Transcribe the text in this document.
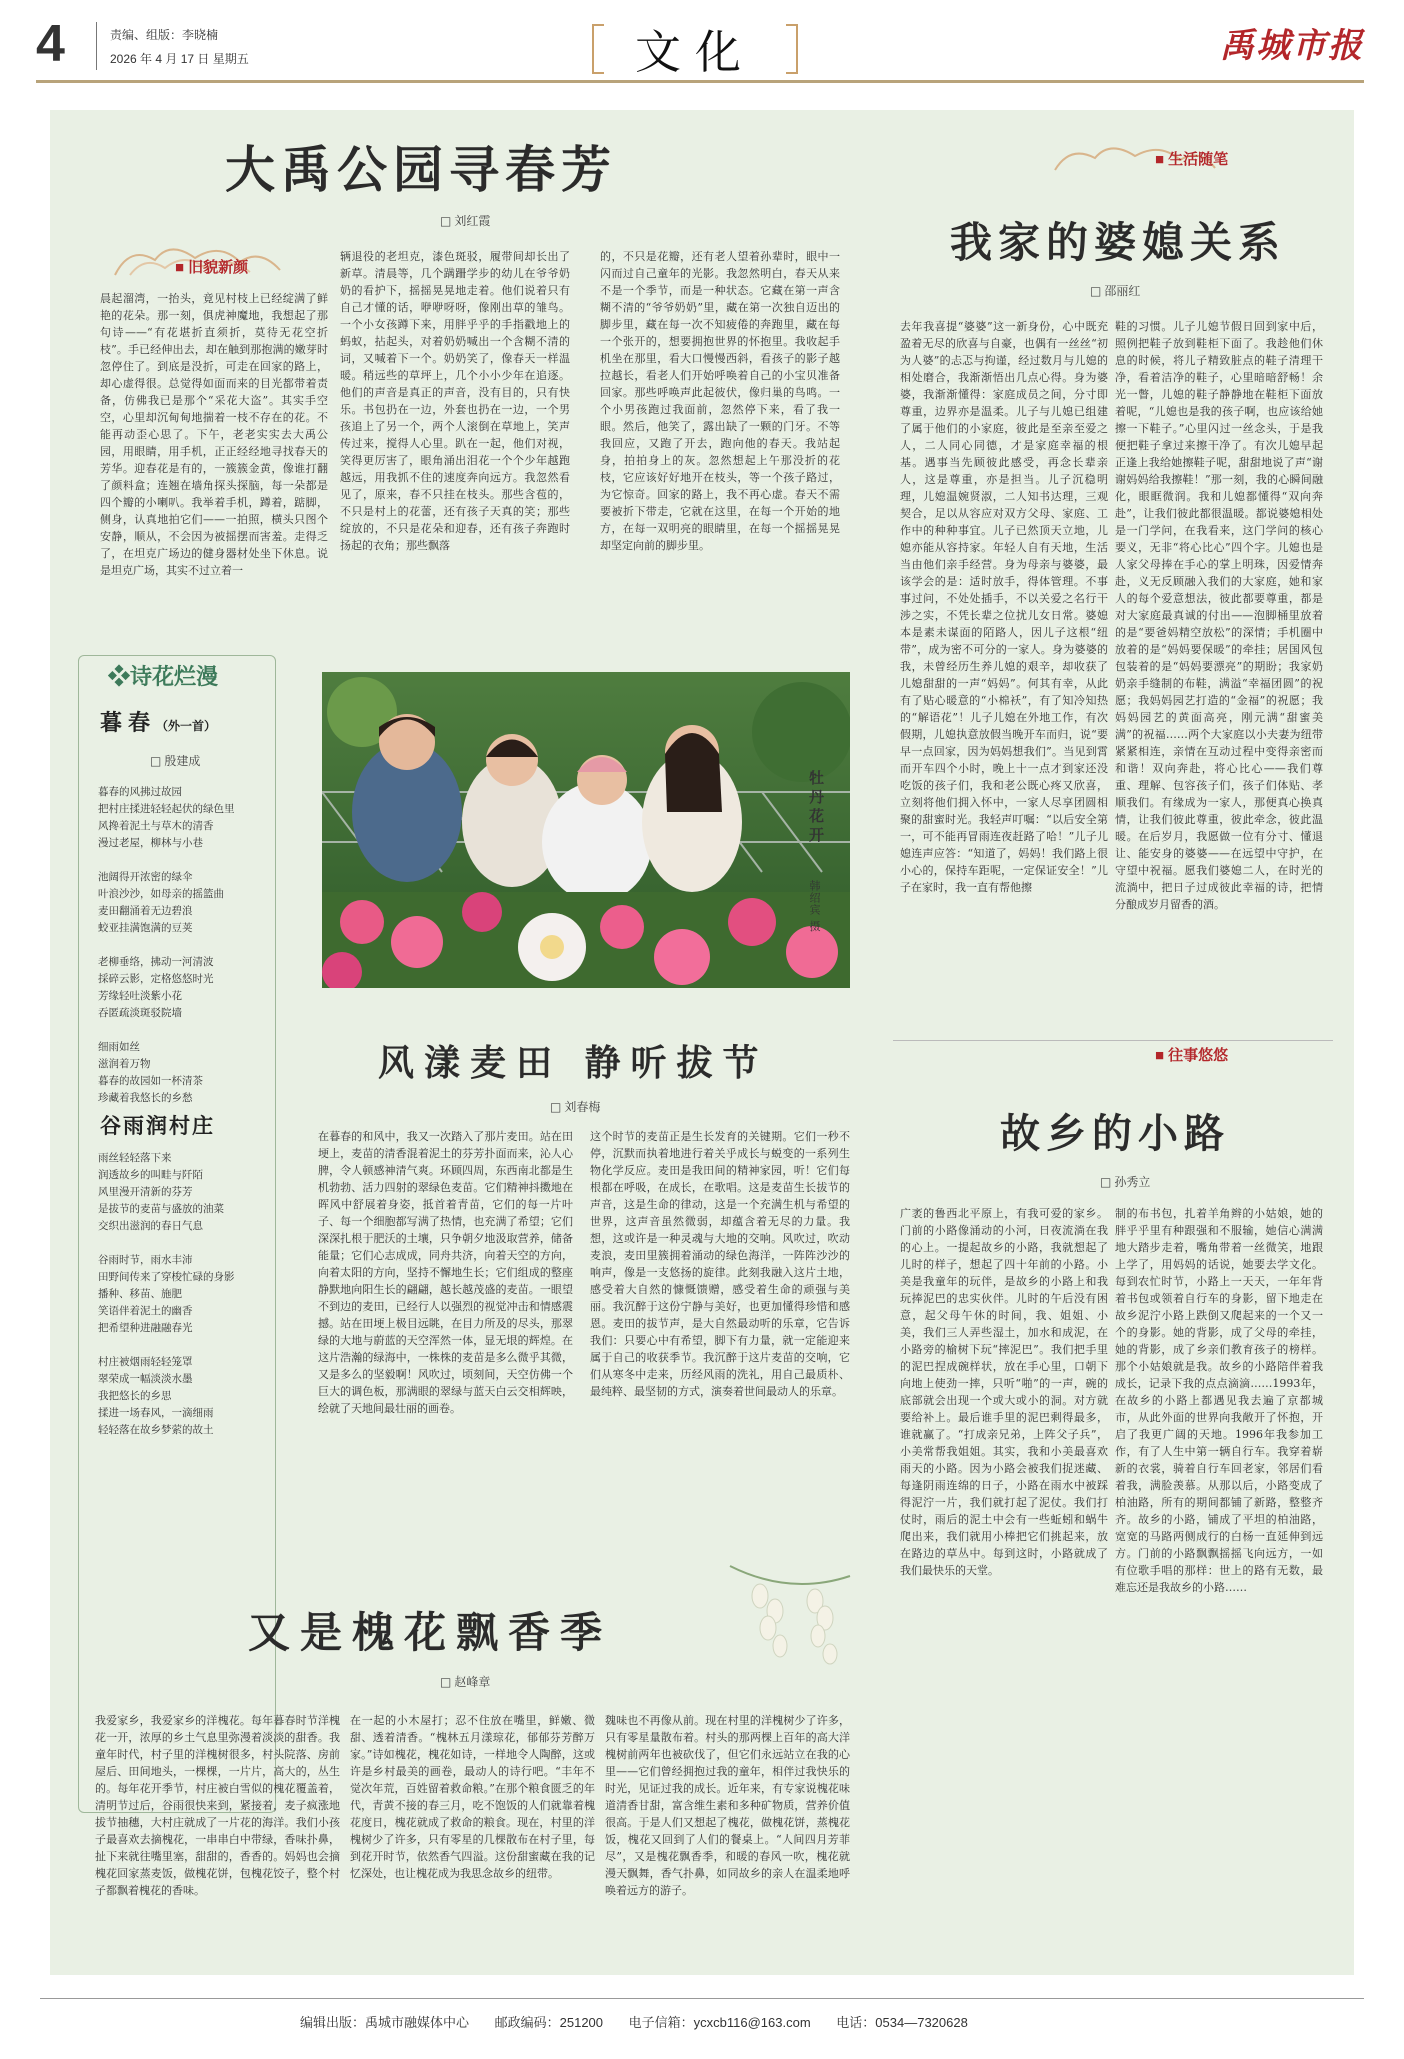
4	责编、组版：李晓楠
2026 年 4 月 17 日 星期五	文化	禹城市报
大禹公园寻春芳
□ 刘红霞
■ 旧貌新颜
晨起溜湾，一抬头，竟见村枝上已经绽满了鲜艳的花朵。那一刻，俱虎神魔地，我想起了那句诗——“有花堪折直须折，莫待无花空折枝”。手已经伸出去，却在触到那抱满的嫩芽时忽停住了。到底是没折，可走在回家的路上，却心虚得很。总觉得如面而来的目光都带着责备，仿佛我已是那个“采花大盗”。其实手空空，心里却沉甸甸地揣着一枝不存在的花。不能再动歪心思了。下午，老老实实去大禹公园，用眼睛，用手机，正正经经地寻找春天的芳华。迎春花是有的，一簇簇金黄，像谁打翻了颜料盒；连翘在墙角探头探脑，每一朵都是四个瓣的小喇叭。我举着手机，蹲着，踮脚，侧身，认真地拍它们——一拍照，横头只图个安静，顺从，不会因为被摇摆而害羞。走得乏了，在坦克广场边的健身器材处坐下休息。说是坦克广场，其实不过立着一
辆退役的老坦克，漆色斑驳，履带间却长出了新草。清晨等，几个蹒跚学步的幼儿在爷爷奶奶的看护下，摇摇晃晃地走着。他们说着只有自己才懂的话，咿咿呀呀，像刚出草的雏鸟。一个小女孩蹲下来，用胖乎乎的手指戳地上的蚂蚁，拈起头，对着奶奶喊出一个含糊不清的词，又喊着下一个。奶奶笑了，像春天一样温暖。稍远些的草坪上，几个小小少年在追逐。他们的声音是真正的声音，没有目的，只有快乐。书包扔在一边，外套也扔在一边，一个男孩追上了另一个，两个人滚倒在草地上，笑声传过来，搅得人心里。趴在一起，他们对视，笑得更厉害了，眼角涌出泪花一个个少年越跑越远，用我抓不住的速度奔向远方。我忽然看见了，原来，春不只挂在枝头。那些含苞的，不只是村上的花蕾，还有孩子天真的笑；那些绽放的，不只是花朵和迎春，还有孩子奔跑时扬起的衣角；那些飘落
的，不只是花瓣，还有老人望着孙辈时，眼中一闪而过自己童年的光影。我忽然明白，春天从来不是一个季节，而是一种状态。它藏在第一声含糊不清的“爷爷奶奶”里，藏在第一次独自迈出的脚步里，藏在每一次不知疲倦的奔跑里，藏在每一个张开的，想要拥抱世界的怀抱里。我收起手机坐在那里，看大口慢慢西斜，看孩子的影子越拉越长，看老人们开始呼唤着自己的小宝贝准备回家。那些呼唤声此起彼伏，像归巢的鸟鸣。一个小男孩跑过我面前，忽然停下来，看了我一眼。然后，他笑了，露出缺了一颗的门牙。不等我回应，又跑了开去，跑向他的春天。我站起身，拍拍身上的灰。忽然想起上午那没折的花枝，它应该好好地开在枝头，等一个孩子路过，为它惊奇。回家的路上，我不再心虚。春天不需要被折下带走，它就在这里，在每一个开始的地方，在每一双明亮的眼睛里，在每一个摇摇晃晃却坚定向前的脚步里。
■ 生活随笔
我家的婆媳关系
□ 邵丽红
去年我喜提“婆婆”这一新身份，心中既充盈着无尽的欣喜与自豪，也偶有一丝丝“初为人婆”的忐忑与拘谨，经过数月与儿媳的相处磨合，我渐渐悟出几点心得。身为婆婆，我渐渐懂得：家庭成员之间，分寸即尊重，边界亦是温柔。儿子与儿媳已组建了属于他们的小家庭，彼此是至亲至爱之人，二人同心同德，才是家庭幸福的根基。遇事当先顾彼此感受，再念长辈亲人，这是尊重，亦是担当。儿子沉稳明理，儿媳温婉贤淑，二人知书达理，三观契合，足以从容应对双方父母、家庭、工作中的种种事宜。儿子已然顶天立地，儿媳亦能从容持家。年轻人自有天地，生活当由他们亲手经营。身为母亲与婆婆，最该学会的是：适时放手，得体管理。不事事过问，不处处插手，不以关爱之名行干涉之实，不凭长辈之位扰儿女日常。婆媳本是素未谋面的陌路人，因儿子这根“纽带”，成为密不可分的一家人。身为婆婆的我，未曾经历生养儿媳的艰辛，却收获了儿媳甜甜的一声“妈妈”。何其有幸，从此有了贴心暖意的“小棉袄”，有了知冷知热的“解语花”！儿子儿媳在外地工作，有次假期，儿媳执意放假当晚开车而归，说“要早一点回家，因为妈妈想我们”。当见到霄而开车四个小时，晚上十一点才到家还没吃饭的孩子们，我和老公既心疼又欣喜，立刻将他们拥入怀中，一家人尽享团圆相聚的甜蜜时光。我轻声叮嘱：“以后安全第一，可不能再冒雨连夜赶路了哈！”儿子儿媳连声应答：“知道了，妈妈！我们路上很小心的，保持车距呢，一定保证安全！”儿子在家时，我一直有帮他擦
鞋的习惯。儿子儿媳节假日回到家中后，照例把鞋子放到鞋柜下面了。我趁他们休息的时候，将儿子精致脏点的鞋子清理干净，看着洁净的鞋子，心里暗暗舒畅！余光一瞥，儿媳的鞋子静静地在鞋柜下面放着呢，“儿媳也是我的孩子啊，也应该给她擦一下鞋子。”心里闪过一丝念头，于是我便把鞋子拿过来擦干净了。有次儿媳早起正逢上我给她擦鞋子呢，甜甜地说了声“谢谢妈妈给我擦鞋！”那一刻，我的心瞬间融化，眼眶微润。我和儿媳都懂得“双向奔赴”，让我们彼此都很温暖。都说婆媳相处是一门学问，在我看来，这门学问的核心要义，无非“将心比心”四个字。儿媳也是人家父母捧在手心的掌上明珠，因爱情奔赴，义无反顾融入我们的大家庭，她和家人的每个爱意想法，彼此都要尊重，都是对大家庭最真诚的付出——泡脚桶里放着的是“要爸妈精空放松”的深情；手机圈中放着的是“妈妈要保暖”的牵挂；居国风包包装着的是“妈妈要漂亮”的期盼；我家奶奶亲手缝制的布鞋，满溢“幸福团圆”的祝愿；我妈妈园艺打造的“金福”的祝愿；我妈妈园艺的黄面高亮，刚元满“甜蜜美满”的祝福……两个大家庭以小夫妻为纽带紧紧相连，亲情在互动过程中变得亲密而和谐！双向奔赴，将心比心——我们尊重、理解、包容孩子们，孩子们体贴、孝顺我们。有缘成为一家人，那便真心换真情，让我们彼此尊重，彼此牵念，彼此温暖。在后岁月，我愿做一位有分寸、懂退让、能安身的婆婆——在远望中守护，在守望中祝福。愿我们婆媳二人，在时光的流淌中，把日子过成彼此幸福的诗，把情分酿成岁月留香的酒。
❖诗花烂漫
暮春（外一首）
□ 殷建成
暮春的风拂过故园
把村庄揉进轻轻起伏的绿色里
风搀着泥土与草木的清香
漫过老屋，柳林与小巷

池阔得开浓密的绿伞
叶浪沙沙，如母亲的摇篮曲
麦田翻涌着无边碧浪
蛟亚挂满饱满的豆荚

老柳垂络，拂动一河清波
採碎云影，定格悠悠时光
芳缘轻吐淡紫小花
吞匿疏淡斑驳院墙

细雨如丝
滋润着万物
暮春的故园如一杯清茶
珍藏着我悠长的乡愁
谷雨润村庄
雨丝轻轻落下来
润透故乡的叫畦与阡陌
风里漫开清新的芬芳
是拔节的麦苗与盛放的油菜
交织出滋润的春日气息

谷雨时节，雨水丰沛
田野间传来了穿梭忙碌的身影
播种、移苗、施肥
笑语伴着泥土的幽香
把希望种进融融春光

村庄被烟雨轻轻笼罩
翠荣成一幅淡淡水墨
我把悠长的乡思
揉进一场春风，一滴细雨
轻轻落在故乡梦萦的故土
牡丹花开
韩绍宾 摄
风漾麦田 静听拔节
□ 刘春梅
在暮春的和风中，我又一次踏入了那片麦田。站在田埂上，麦苗的清香混着泥土的芬芳扑面而来，沁人心脾，令人顿感神清气爽。环顾四周，东西南北都是生机勃勃、活力四射的翠绿色麦苗。它们精神抖擞地在晖风中舒展着身姿，抵首着青苗，它们的每一片叶子、每一个细胞都写满了热情，也充满了希望；它们深深扎根于肥沃的土壤，只争朝夕地汲取营养，储备能量；它们心志成成，同舟共济，向着天空的方向，向着太阳的方向，坚持不懈地生长；它们组成的整座静默地向阳生长的翩翩，越长越茂盛的麦苗。一眼望不到边的麦田，已经行人以强烈的视觉冲击和情感震撼。站在田埂上极目远眺，在目力所及的尽头，那翠绿的大地与蔚蓝的天空浑然一体，显无垠的辉煌。在这片浩瀚的绿海中，一株株的麦苗是多么微乎其微，又是多么的坚毅啊！风吹过，顷刻间，天空仿佛一个巨大的调色板，那满眼的翠绿与蓝天白云交相辉映，绘就了天地间最壮丽的画卷。
这个时节的麦苗正是生长发育的关键期。它们一秒不停，沉默而执着地进行着关乎成长与蜕变的一系列生物化学反应。麦田是我田间的精神家园，听！它们每根都在呼吸，在成长，在歌唱。这是麦苗生长拔节的声音，这是生命的律动，这是一个充满生机与希望的世界，这声音虽然微弱，却蕴含着无尽的力量。我想，这或许是一种灵魂与大地的交响。风吹过，吹动麦浪，麦田里簇拥着涌动的绿色海洋，一阵阵沙沙的响声，像是一支悠扬的旋律。此刻我融入这片土地，感受着大自然的慷慨馈赠，感受着生命的顽强与美丽。我沉醉于这份宁静与美好，也更加懂得珍惜和感恩。麦田的拔节声，是大自然最动听的乐章，它告诉我们：只要心中有希望，脚下有力量，就一定能迎来属于自己的收获季节。我沉醉于这片麦苗的交响，它们从寒冬中走来，历经风雨的洗礼，用自己最质朴、最纯粹、最坚韧的方式，演奏着世间最动人的乐章。
■ 往事悠悠
故乡的小路
□ 孙秀立
广袤的鲁西北平原上，有我可爱的家乡。门前的小路像涌动的小河，日夜流淌在我的心上。一提起故乡的小路，我就想起了儿时的样子，想起了四十年前的小路。小美是我童年的玩伴，是故乡的小路上和我玩捧泥巴的忠实伙伴。儿时的午后没有困意，起父母午休的时间，我、姐姐、小美，我们三人弄些湿土，加水和成泥，在小路旁的榆树下玩“摔泥巴”。我们把手里的泥巴捏成碗样状，放在手心里，口朝下向地上使劲一摔，只听“啪”的一声，碗的底部就会出现一个或大或小的洞。对方就要给补上。最后谁手里的泥巴剩得最多，谁就赢了。“打成亲兄弟，上阵父子兵”，小美常帮我姐姐。其实，我和小美最喜欢雨天的小路。因为小路会被我们捉迷藏、每逢阴雨连绵的日子，小路在雨水中被踩得泥泞一片，我们就打起了泥仗。我们打仗时，雨后的泥土中会有一些蚯蚓和蜗牛爬出来，我们就用小棒把它们挑起来，放在路边的草丛中。每到这时，小路就成了我们最快乐的天堂。
制的布书包，扎着羊角辫的小姑娘，她的胖乎乎里有种跟强和不服输，她信心满满地大踏步走着，嘴角带着一丝微笑，地跟上学了，用妈妈的话说，她要去学文化。每到农忙时节，小路上一天天，一年年背着书包或领着自行车的身影，留下地走在故乡泥泞小路上跌倒又爬起来的一个又一个的身影。她的背影，成了父母的牵挂，她的背影，成了乡亲们教育孩子的榜样。那个小姑娘就是我。故乡的小路陪伴着我成长，记录下我的点点滴滴……1993年，在故乡的小路上都遇见我去遍了京都城市，从此外面的世界向我敞开了怀抱，开启了我更广阔的天地。1996年我参加工作，有了人生中第一辆自行车。我穿着崭新的衣裳，骑着自行车回老家，邻居们看着我，满脸羡慕。从那以后，小路变成了柏油路，所有的期间都铺了新路，整整齐齐。故乡的小路，铺成了平坦的柏油路，宽宽的马路两侧成行的白杨一直延伸到远方。门前的小路飘飘摇摇飞向远方，一如有位歌手唱的那样：世上的路有无数，最难忘还是我故乡的小路……
又是槐花飘香季
□ 赵峰章
我爱家乡，我爱家乡的洋槐花。每年暮春时节洋槐花一开，浓厚的乡土气息里弥漫着淡淡的甜香。我童年时代，村子里的洋槐树很多，村头院落、房前屋后、田间地头，一棵棵，一片片，高大的，丛生的。每年花开季节，村庄被白雪似的槐花覆盖着，清明节过后，谷雨很快来到，紧接着，麦子疯涨地拔节抽穗，大村庄就成了一片花的海洋。我们小孩子最喜欢去摘槐花，一串串白中带绿，香味扑鼻，扯下来就往嘴里塞，甜甜的，香香的。妈妈也会摘槐花回家蒸麦饭，做槐花饼，包槐花饺子，整个村子都飘着槐花的香味。
在一起的小木屋打；忍不住放在嘴里，鲜嫩、微甜、透着清香。“槐林五月漾琼花，郁郁芬芳醉万家。”诗如槐花，槐花如诗，一样地令人陶醉，这或许是乡村最美的画卷，最动人的诗行吧。“丰年不觉次年荒，百姓留着救命粮。”在那个粮食匮乏的年代，青黄不接的春三月，吃不饱饭的人们就靠着槐花度日，槐花就成了救命的粮食。现在，村里的洋槐树少了许多，只有零星的几棵散布在村子里，每到花开时节，依然香气四溢。这份甜蜜藏在我的记忆深处，也让槐花成为我思念故乡的纽带。
魏味也不再像从前。现在村里的洋槐树少了许多，只有零星量散布着。村头的那两棵上百年的高大洋槐树前两年也被砍伐了，但它们永远站立在我的心里——它们曾经拥抱过我的童年，相伴过我快乐的时光，见证过我的成长。近年来，有专家说槐花味道清香甘甜，富含维生素和多种矿物质，营养价值很高。于是人们又想起了槐花，做槐花饼，蒸槐花饭，槐花又回到了人们的餐桌上。“人间四月芳菲尽”，又是槐花飘香季，和暖的春风一吹，槐花就漫天飘舞，香气扑鼻，如同故乡的亲人在温柔地呼唤着远方的游子。
编辑出版：禹城市融媒体中心 邮政编码：251200 电子信箱：ycxcb116@163.com 电话：0534—7320628
